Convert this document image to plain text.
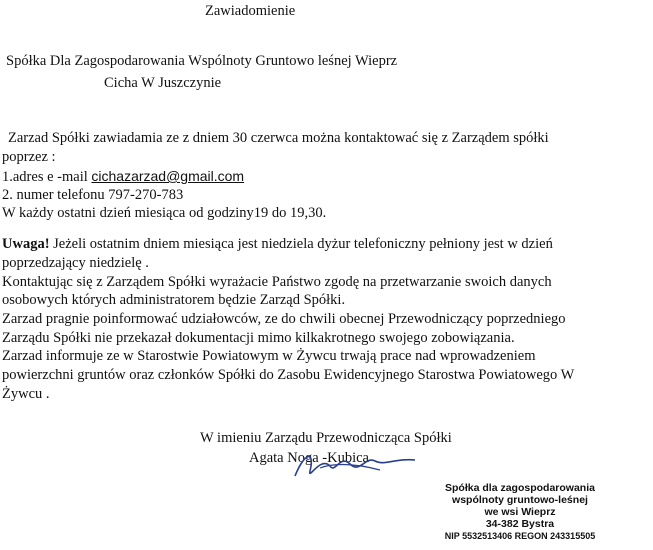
Zawiadomienie
Spółka Dla Zagospodarowania Wspólnoty Gruntowo leśnej Wieprz
Cicha W Juszczynie
Zarzad Spółki zawiadamia ze z dniem 30 czerwca można kontaktować się z Zarządem spółki
poprzez :
1.adres e -mail cichazarzad@gmail.com
2. numer telefonu 797-270-783
W każdy ostatni dzień miesiąca od godziny19 do 19,30.
Uwaga! Jeżeli ostatnim dniem miesiąca jest niedziela dyżur telefoniczny pełniony jest w dzień
poprzedzający niedzielę .
Kontaktując się z Zarządem Spółki wyrażacie Państwo zgodę na przetwarzanie swoich danych
osobowych których administratorem będzie Zarząd Spółki.
Zarzad pragnie poinformować udziałowców, ze do chwili obecnej Przewodniczący poprzedniego
Zarządu Spółki nie przekazał dokumentacji mimo kilkakrotnego swojego zobowiązania.
Zarzad informuje ze w Starostwie Powiatowym w Żywcu trwają prace nad wprowadzeniem
powierzchni gruntów oraz członków Spółki do Zasobu Ewidencyjnego Starostwa Powiatowego W
Żywcu .
W imieniu Zarządu Przewodnicząca Spółki
Agata Noga -Kubica
Spółka dla zagospodarowania
wspólnoty gruntowo-leśnej
we wsi Wieprz
34-382 Bystra
NIP 5532513406 REGON 243315505
